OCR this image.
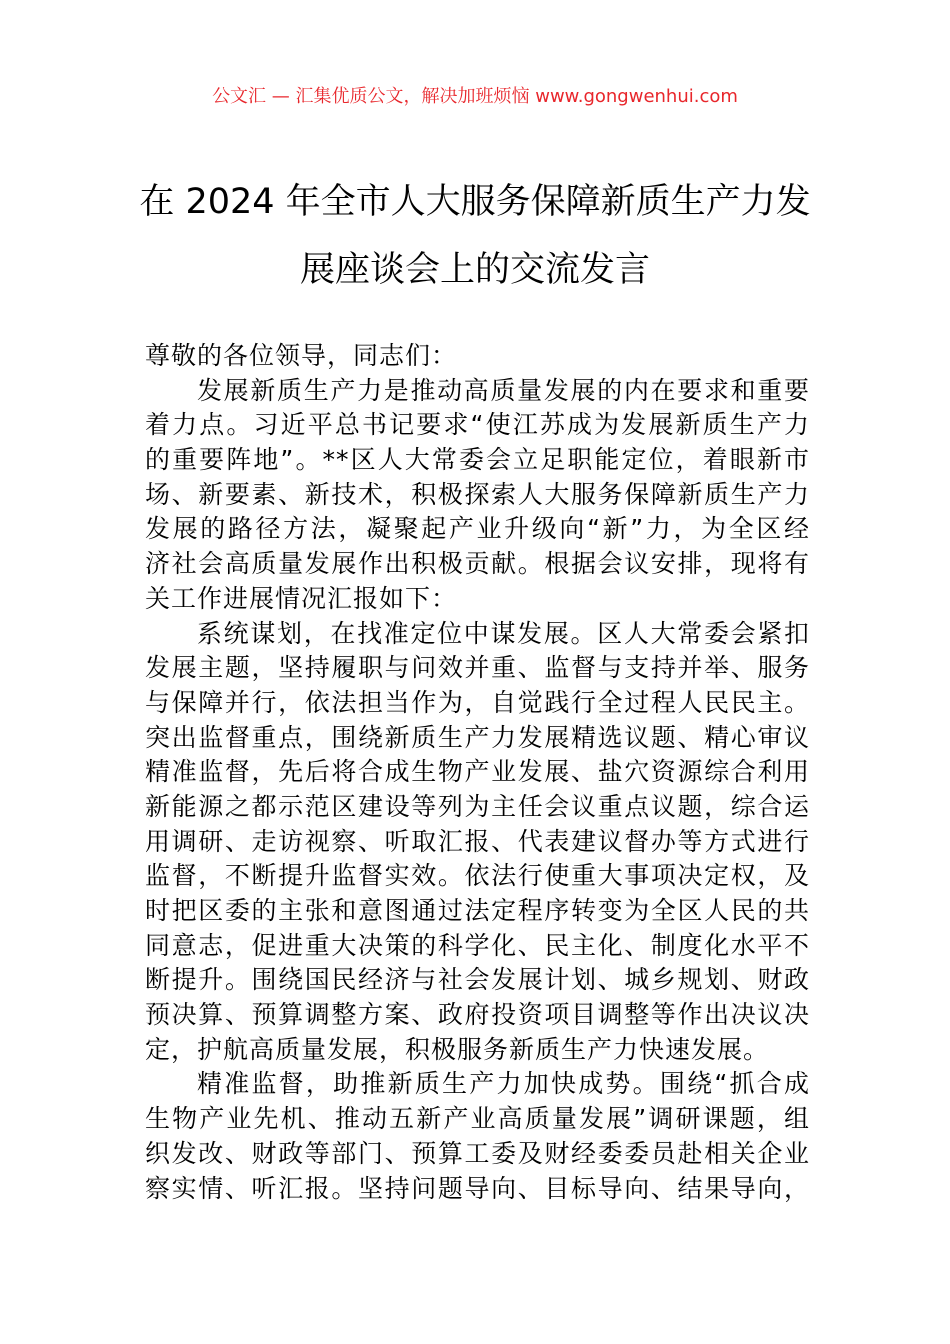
公文汇 — 汇集优质公文，解决加班烦恼 www.gongwenhui.com
在 2024 年全市人大服务保障新质生产力发
展座谈会上的交流发言
尊敬的各位领导，同志们：
发展新质生产力是推动高质量发展的内在要求和重要
着力点。习近平总书记要求“使江苏成为发展新质生产力
的重要阵地”。**区人大常委会立足职能定位，着眼新市
场、新要素、新技术，积极探索人大服务保障新质生产力
发展的路径方法，凝聚起产业升级向“新”力，为全区经
济社会高质量发展作出积极贡献。根据会议安排，现将有
关工作进展情况汇报如下：
系统谋划，在找准定位中谋发展。区人大常委会紧扣
发展主题，坚持履职与问效并重、监督与支持并举、服务
与保障并行，依法担当作为，自觉践行全过程人民民主。
突出监督重点，围绕新质生产力发展精选议题、精心审议
精准监督，先后将合成生物产业发展、盐穴资源综合利用
新能源之都示范区建设等列为主任会议重点议题，综合运
用调研、走访视察、听取汇报、代表建议督办等方式进行
监督，不断提升监督实效。依法行使重大事项决定权，及
时把区委的主张和意图通过法定程序转变为全区人民的共
同意志，促进重大决策的科学化、民主化、制度化水平不
断提升。围绕国民经济与社会发展计划、城乡规划、财政
预决算、预算调整方案、政府投资项目调整等作出决议决
定，护航高质量发展，积极服务新质生产力快速发展。
精准监督，助推新质生产力加快成势。围绕“抓合成
生物产业先机、推动五新产业高质量发展”调研课题，组
织发改、财政等部门、预算工委及财经委委员赴相关企业
察实情、听汇报。坚持问题导向、目标导向、结果导向，
